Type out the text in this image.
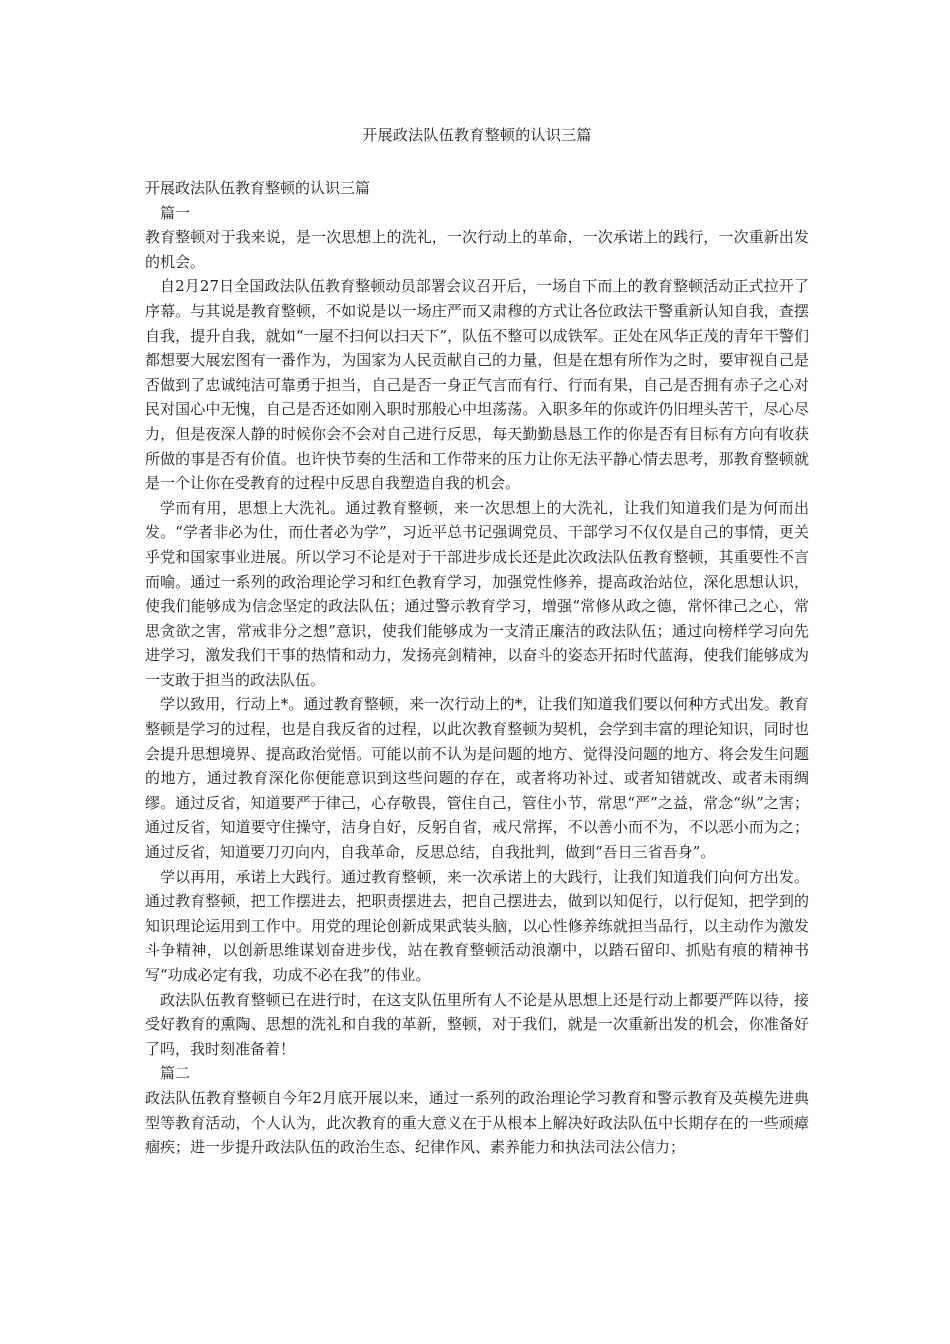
开展政法队伍教育整顿的认识三篇
开展政法队伍教育整顿的认识三篇

篇一

教育整顿对于我来说，是一次思想上的洗礼，一次行动上的革命，一次承诺上的践行，一次重新出发的机会。

自2月27日全国政法队伍教育整顿动员部署会议召开后，一场自下而上的教育整顿活动正式拉开了序幕。与其说是教育整顿，不如说是以一场庄严而又肃穆的方式让各位政法干警重新认知自我，查摆自我，提升自我，就如“一屋不扫何以扫天下”，队伍不整可以成铁军。正处在风华正茂的青年干警们都想要大展宏图有一番作为，为国家为人民贡献自己的力量，但是在想有所作为之时，要审视自己是否做到了忠诚纯洁可靠勇于担当，自己是否一身正气言而有行、行而有果，自己是否拥有赤子之心对民对国心中无愧，自己是否还如刚入职时那般心中坦荡荡。入职多年的你或许仍旧埋头苦干，尽心尽力，但是夜深人静的时候你会不会对自己进行反思，每天勤勤恳恳工作的你是否有目标有方向有收获所做的事是否有价值。也许快节奏的生活和工作带来的压力让你无法平静心情去思考，那教育整顿就是一个让你在受教育的过程中反思自我塑造自我的机会。

学而有用，思想上大洗礼。通过教育整顿，来一次思想上的大洗礼，让我们知道我们是为何而出发。“学者非必为仕，而仕者必为学”，习近平总书记强调党员、干部学习不仅仅是自己的事情，更关乎党和国家事业进展。所以学习不论是对于干部进步成长还是此次政法队伍教育整顿，其重要性不言而喻。通过一系列的政治理论学习和红色教育学习，加强党性修养，提高政治站位，深化思想认识，使我们能够成为信念坚定的政法队伍；通过警示教育学习，增强“常修从政之德，常怀律己之心，常思贪欲之害，常戒非分之想”意识，使我们能够成为一支清正廉洁的政法队伍；通过向榜样学习向先进学习，激发我们干事的热情和动力，发扬亮剑精神，以奋斗的姿态开拓时代蓝海，使我们能够成为一支敢于担当的政法队伍。

学以致用，行动上*。通过教育整顿，来一次行动上的*，让我们知道我们要以何种方式出发。教育整顿是学习的过程，也是自我反省的过程，以此次教育整顿为契机，会学到丰富的理论知识，同时也会提升思想境界、提高政治觉悟。可能以前不认为是问题的地方、觉得没问题的地方、将会发生问题的地方，通过教育深化你便能意识到这些问题的存在，或者将功补过、或者知错就改、或者未雨绸缪。通过反省，知道要严于律己，心存敬畏，管住自己，管住小节，常思“严”之益，常念“纵”之害；通过反省，知道要守住操守，洁身自好，反躬自省，戒尺常挥，不以善小而不为，不以恶小而为之；通过反省，知道要刀刃向内，自我革命，反思总结，自我批判，做到“吾日三省吾身”。

学以再用，承诺上大践行。通过教育整顿，来一次承诺上的大践行，让我们知道我们向何方出发。通过教育整顿，把工作摆进去，把职责摆进去，把自己摆进去，做到以知促行，以行促知，把学到的知识理论运用到工作中。用党的理论创新成果武装头脑，以心性修养练就担当品行，以主动作为激发斗争精神，以创新思维谋划奋进步伐，站在教育整顿活动浪潮中，以踏石留印、抓贴有痕的精神书写“功成必定有我，功成不必在我”的伟业。

政法队伍教育整顿已在进行时，在这支队伍里所有人不论是从思想上还是行动上都要严阵以待，接受好教育的熏陶、思想的洗礼和自我的革新，整顿，对于我们，就是一次重新出发的机会，你准备好了吗，我时刻准备着！

篇二

政法队伍教育整顿自今年2月底开展以来，通过一系列的政治理论学习教育和警示教育及英模先进典型等教育活动，个人认为，此次教育的重大意义在于从根本上解决好政法队伍中长期存在的一些顽瘴痼疾；进一步提升政法队伍的政治生态、纪律作风、素养能力和执法司法公信力；
